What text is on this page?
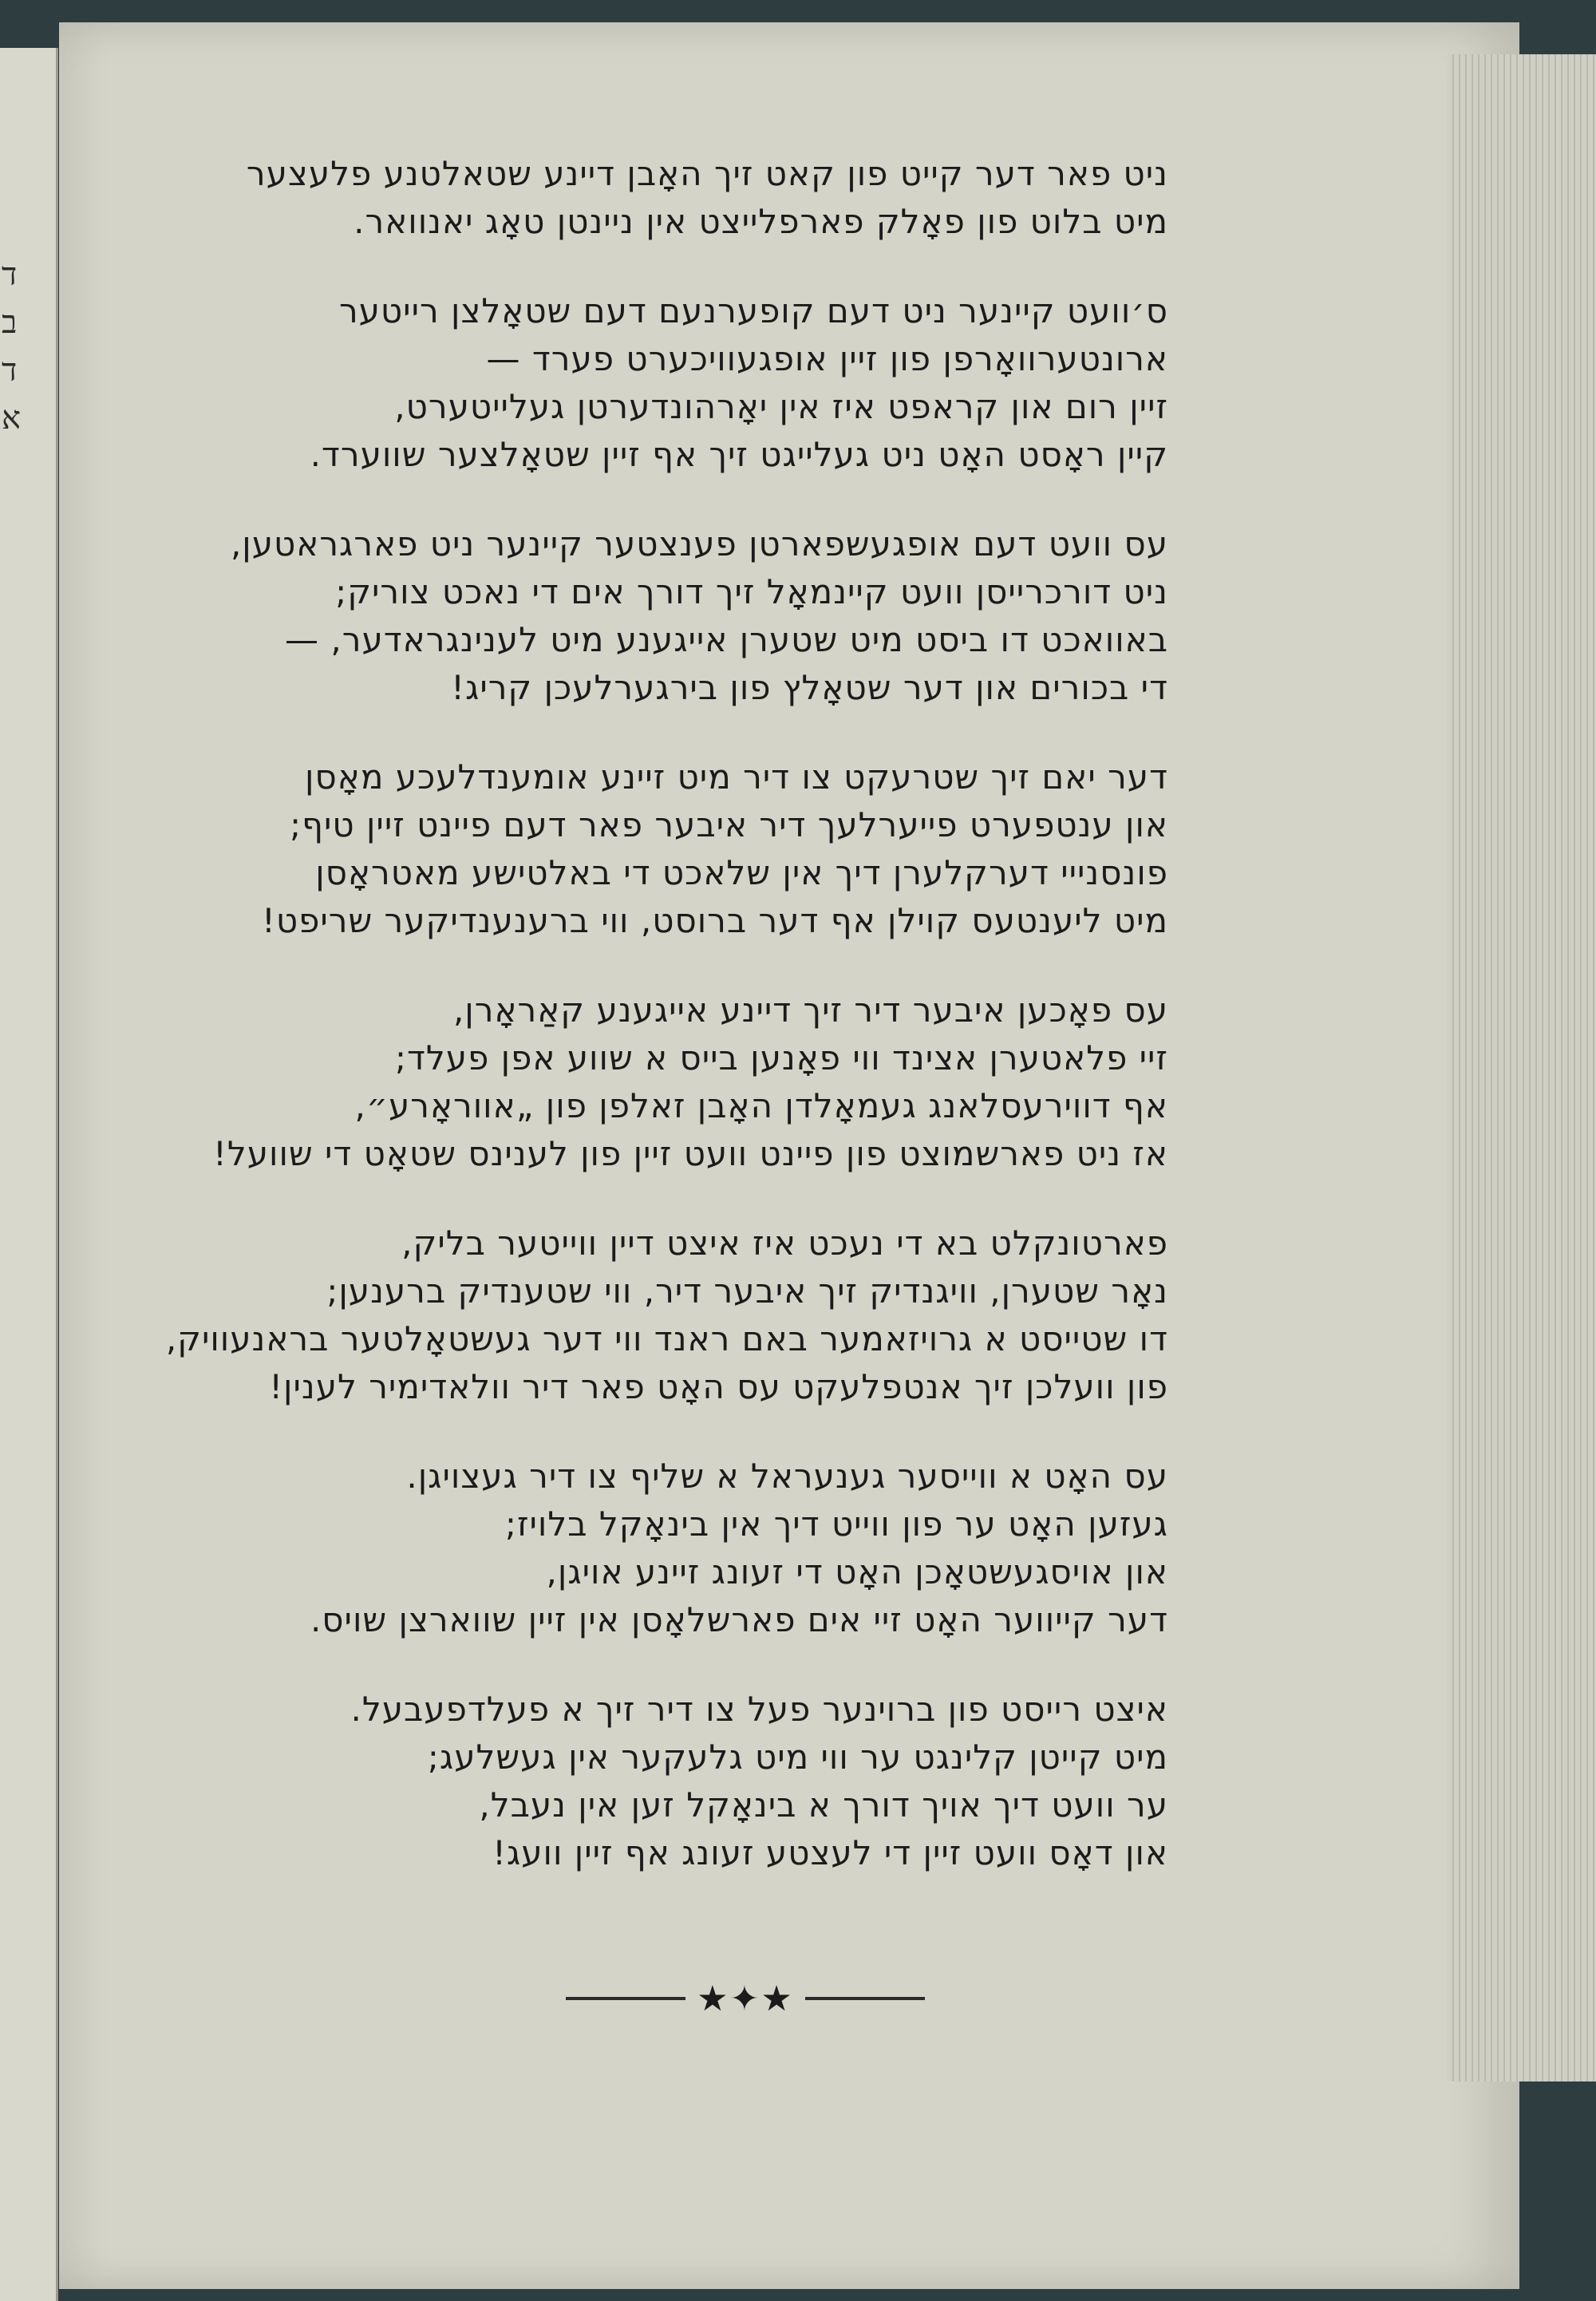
ד
ב
ד
א
ניט פאר דער קייט פון קאט זיך האָבן דיינע שטאלטנע פלעצער
מיט בלוט פון פאָלק פארפלייצט אין ניינטן טאָג יאנוואר.
ס׳וועט קיינער ניט דעם קופערנעם דעם שטאָלצן רייטער
ארונטערוואָרפן פון זיין אופגעוויכערט פערד —
זיין רום און קראפט איז אין יאָרהונדערטן געלייטערט,
קיין ראָסט האָט ניט געלייגט זיך אף זיין שטאָלצער שווערד.
עס וועט דעם אופגעשפארטן פענצטער קיינער ניט פארגראטען,
ניט דורכרייסן וועט קיינמאָל זיך דורך אים די נאכט צוריק;
באוואכט דו ביסט מיט שטערן אייגענע מיט לענינגראדער, —
די בכורים און דער שטאָלץ פון בירגערלעכן קריג!
דער יאם זיך שטרעקט צו דיר מיט זיינע אומענדלעכע מאָסן
און ענטפערט פייערלעך דיר איבער פאר דעם פיינט זיין טיף;
פונסנייי דערקלערן דיך אין שלאכט די באלטישע מאטראָסן
מיט ליענטעס קוילן אף דער ברוסט, ווי ברענענדיקער שריפט!
עס פאָכען איבער דיר זיך דיינע אייגענע קאַראָרן,
זיי פלאטערן אצינד ווי פאָנען בייס א שווע אפן פעלד;
אף דווירעסלאנג געמאָלדן האָבן זאלפן פון „אווראָרע״,
אז ניט פארשמוצט פון פיינט וועט זיין פון לענינס שטאָט די שוועל!
פארטונקלט בא די נעכט איז איצט דיין ווייטער בליק,
נאָר שטערן, וויגנדיק זיך איבער דיר, ווי שטענדיק ברענען;
דו שטייסט א גרויזאמער באם ראנד ווי דער געשטאָלטער בראנעוויק,
פון וועלכן זיך אנטפלעקט עס האָט פאר דיר וולאדימיר לענין!
עס האָט א ווייסער גענעראל א שליף צו דיר געצויגן.
געזען האָט ער פון ווייט דיך אין בינאָקל בלויז;
און אויסגעשטאָכן האָט די זעונג זיינע אויגן,
דער קייווער האָט זיי אים פארשלאָסן אין זיין שווארצן שויס.
איצט רייסט פון ברוינער פעל צו דיר זיך א פעלדפעבעל.
מיט קייטן קלינגט ער ווי מיט גלעקער אין געשלעג;
ער וועט דיך אויך דורך א בינאָקל זען אין נעבל,
און דאָס וועט זיין די לעצטע זעונג אף זיין וועג!
★✦★
